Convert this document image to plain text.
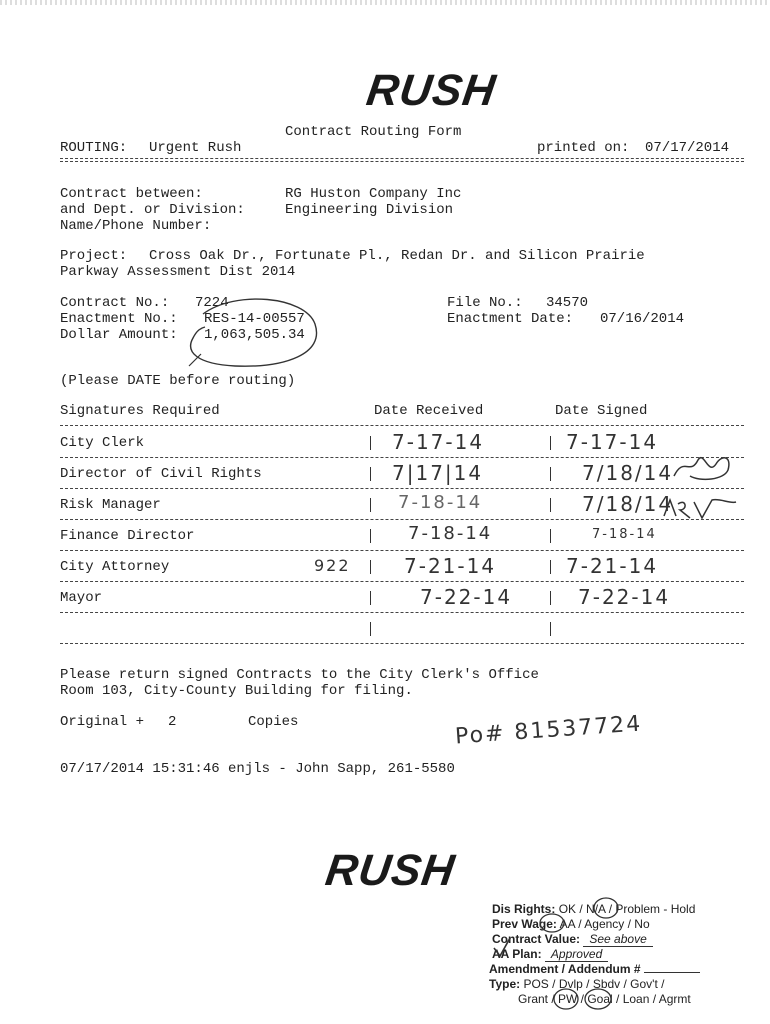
RUSH
Contract Routing Form
ROUTING: Urgent Rush	printed on: 07/17/2014
Contract between:	RG Huston Company Inc
and Dept. or Division:	Engineering Division
Name/Phone Number:
Project: Cross Oak Dr., Fortunate Pl., Redan Dr. and Silicon Prairie
Parkway Assessment Dist 2014
Contract No.: 7224
Enactment No.: RES-14-00557
Dollar Amount: 1,063,505.34
File No.: 34570
Enactment Date: 07/16/2014
(Please DATE before routing)
Signatures Required	Date Received	Date Signed
City Clerk	7-17-14	7-17-14
Director of Civil Rights	7|17|14	7/18/14
Risk Manager	7-18-14	7/18/14
Finance Director	7-18-14	7-18-14
City Attorney	922	7-21-14	7-21-14
Mayor	7-22-14	7-22-14
Please return signed Contracts to the City Clerk's Office
Room 103, City-County Building for filing.
Original + 2	Copies	Po# 81537724
07/17/2014 15:31:46 enjls - John Sapp, 261-5580
RUSH
Dis Rights: OK / N/A / Problem - Hold
Prev Wage: AA / Agency / No
Contract Value: See above
AA Plan: Approved
Amendment / Addendum #
Type: POS / Dvlp / Sbdv / Gov't /
Grant / PW / Goal / Loan / Agrmt
